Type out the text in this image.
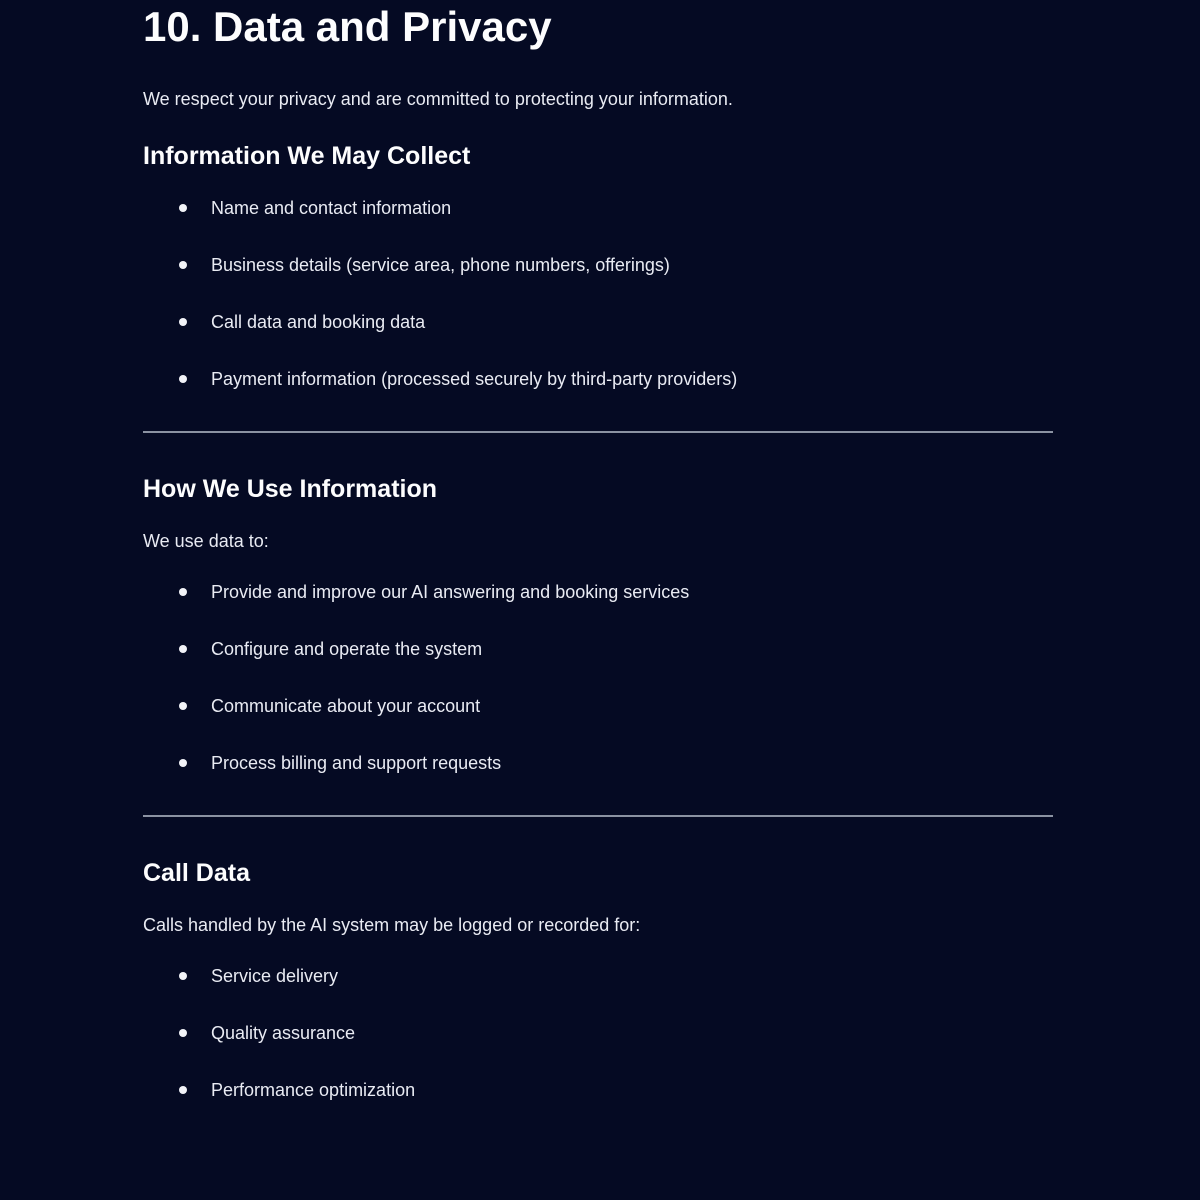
10. Data and Privacy

We respect your privacy and are committed to protecting your information.

Information We May Collect
Name and contact information
Business details (service area, phone numbers, offerings)
Call data and booking data
Payment information (processed securely by third-party providers)
How We Use Information

We use data to:

Provide and improve our AI answering and booking services
Configure and operate the system
Communicate about your account
Process billing and support requests
Call Data

Calls handled by the AI system may be logged or recorded for:

Service delivery
Quality assurance
Performance optimization
